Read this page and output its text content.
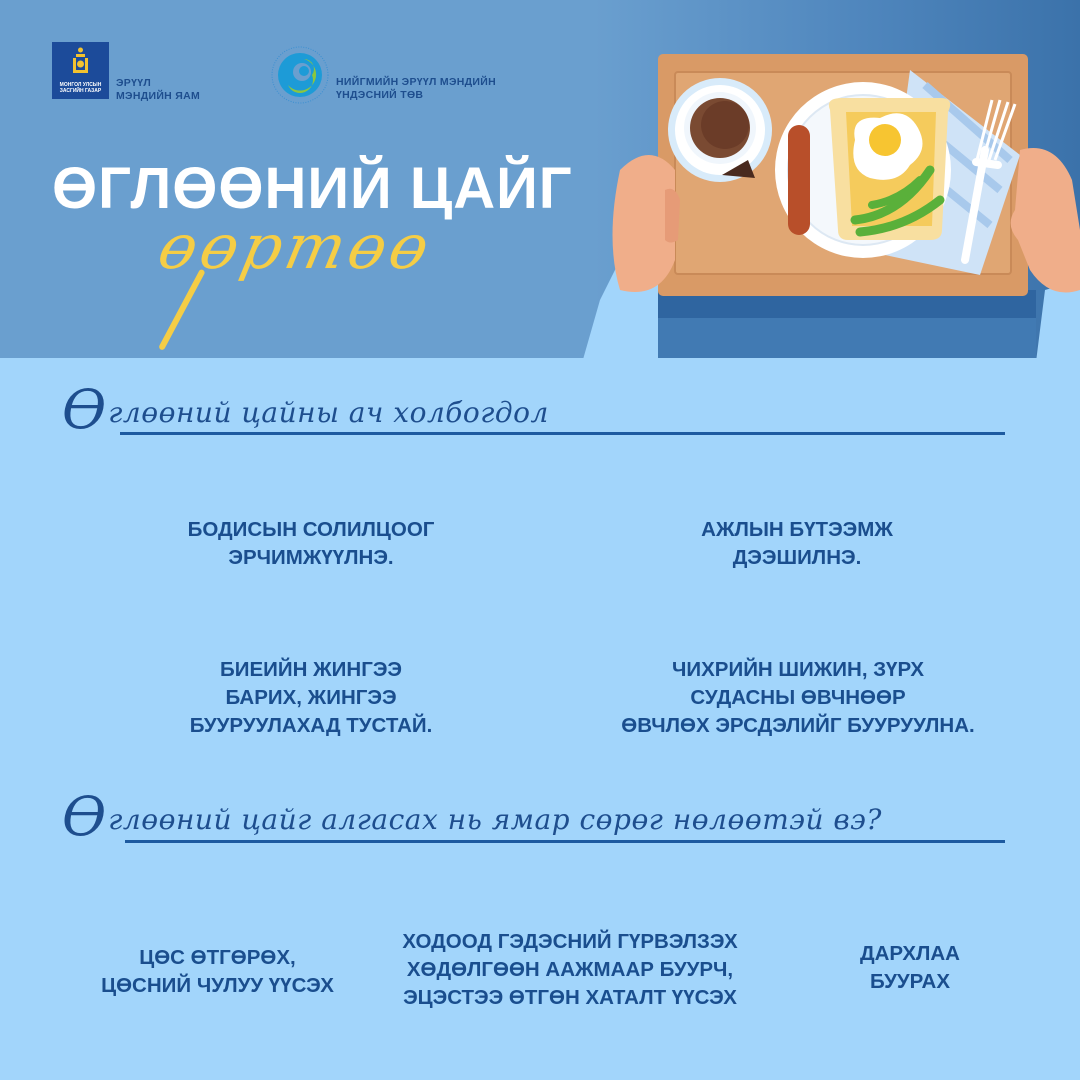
МОНГОЛ УЛСЫН ЗАСГИЙН ГАЗАР
ЭРҮҮЛ
МЭНДИЙН ЯАМ
НИЙГМИЙН ЭРҮҮЛ МЭНДИЙН
ҮНДЭСНИЙ ТӨВ
ӨГЛӨӨНИЙ ЦАЙГ
өөртөө
Өглөөний цайны ач холбогдол
БОДИСЫН СОЛИЛЦООГ
ЭРЧИМЖҮҮЛНЭ.
АЖЛЫН БҮТЭЭМЖ
ДЭЭШИЛНЭ.
БИЕИЙН ЖИНГЭЭ
БАРИХ, ЖИНГЭЭ
БУУРУУЛАХАД ТУСТАЙ.
ЧИХРИЙН ШИЖИН, ЗҮРХ
СУДАСНЫ ӨВЧНӨӨР
ӨВЧЛӨХ ЭРСДЭЛИЙГ БУУРУУЛНА.
Өглөөний цайг алгасах нь ямар сөрөг нөлөөтэй вэ?
ЦӨС ӨТГӨРӨХ,
ЦӨСНИЙ ЧУЛУУ ҮҮСЭХ
ХОДООД ГЭДЭСНИЙ ГҮРВЭЛЗЭХ
ХӨДӨЛГӨӨН ААЖМААР БУУРЧ,
ЭЦЭСТЭЭ ӨТГӨН ХАТАЛТ ҮҮСЭХ
ДАРХЛАА
БУУРАХ
